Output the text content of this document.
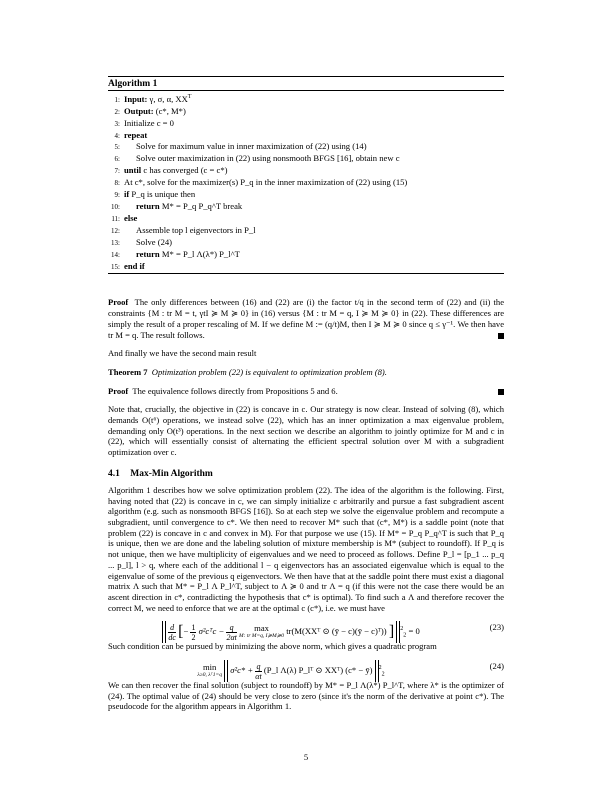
Algorithm 1
1: Input: γ, σ, α, $XX^T$
2: Output: (c*, M*)
3: Initialize c = 0
4: repeat
5: Solve for maximum value in inner maximization of (22) using (14)
6: Solve outer maximization in (22) using nonsmooth BFGS [16], obtain new c
7: until c has converged (c = c*)
8: At c*, solve for the maximizer(s) P_q in the inner maximization of (22) using (15)
9: if P_q is unique then
10: return M* = P_q P_q^T break
11: else
12: Assemble top l eigenvectors in P_l
13: Solve (24)
14: return M* = P_l Λ(λ*) P_l^T
15: end if

Proof The only differences between (16) and (22) are (i) the factor t/q in the second term of (22) and (ii) the constraints {M : tr M = t, γtI ≽ M ≽ 0} in (16) versus {M : tr M = q, I ≽ M ≽ 0} in (22). These differences are simply the result of a proper rescaling of M. If we define M := (q/t)M, then I ≽ M ≽ 0 since q ≤ γ⁻¹. We then have tr M = q. The result follows.

And finally we have the second main result

Theorem 7 Optimization problem (22) is equivalent to optimization problem (8).

Proof The equivalence follows directly from Propositions 5 and 6.

Note that, crucially, the objective in (22) is concave in c. Our strategy is now clear. Instead of solving (8), which demands O(t⁶) operations, we instead solve (22), which has an inner optimization a max eigenvalue problem, demanding only O(t³) operations. In the next section we describe an algorithm to jointly optimize for M and c in (22), which will essentially consist of alternating the efficient spectral solution over M with a subgradient optimization over c.

4.1 Max-Min Algorithm

Algorithm 1 describes how we solve optimization problem (22). The idea of the algorithm is the following. First, having noted that (22) is concave in c, we can simply initialize c arbitrarily and pursue a fast subgradient ascent algorithm (e.g. such as nonsmooth BFGS [16]). So at each step we solve the eigenvalue problem and recompute a subgradient, until convergence to c*. We then need to recover M* such that (c*, M*) is a saddle point (note that problem (22) is concave in c and convex in M). For that purpose we use (15). If M* = P_q P_q^T is such that P_q is unique, then we are done and the labeling solution of mixture membership is M* (subject to roundoff). If P_q is not unique, then we have multiplicity of eigenvalues and we need to proceed as follows. Define P_l = [p_1 ... p_q ... p_l], l > q, where each of the additional l − q eigenvectors has an associated eigenvalue which is equal to the eigenvalue of some of the previous q eigenvectors. We then have that at the saddle point there must exist a diagonal matrix Λ such that M* = P_l Λ P_l^T, subject to Λ ≽ 0 and tr Λ = q (if this were not the case there would be an ascent direction in c*, contradicting the hypothesis that c* is optimal). To find such a Λ and therefore recover the correct M, we need to enforce that we are at the optimal c (c*), i.e. we must have

$\frac{d}{dc}$ [− $\frac{1}{2}$ σ²cᵀc − $\frac{q}{2\alpha t}$ max
M: tr M=q, I≽M≽0
tr(M(XXᵀ ⊙ (ȳ − c)(ȳ − c)ᵀ)) ] $^2_2$ = 0	(23)

Such condition can be pursued by minimizing the above norm, which gives a quadratic program

min
λ≥0, λᵀ1=q
$\sigma^2c* + \frac{q}{\alpha t}$ (P_l Λ(λ) P_lᵀ ⊙ XXᵀ) (c* − ȳ) $^2_2$
(24)

We can then recover the final solution (subject to roundoff) by M* = P_l Λ(λ*) P_l^T, where λ* is the optimizer of (24). The optimal value of (24) should be very close to zero (since it's the norm of the derivative at point c*). The pseudocode for the algorithm appears in Algorithm 1.

5
